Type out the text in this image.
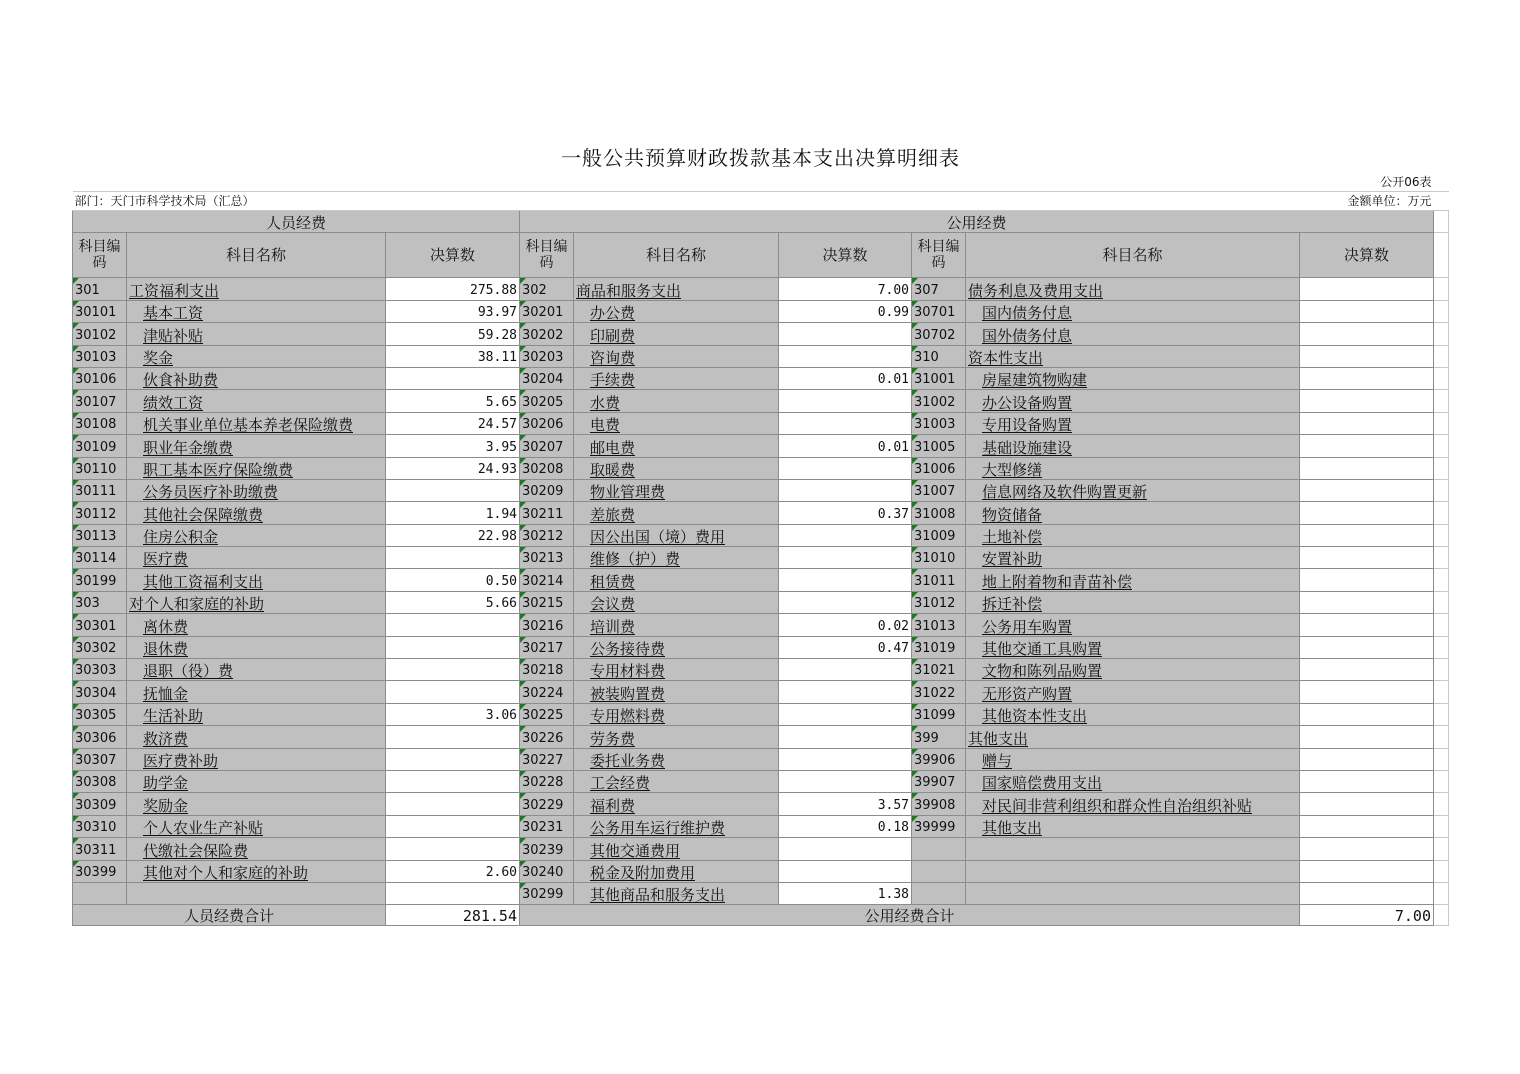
一般公共预算财政拨款基本支出决算明细表									
公开06表									
部门：天门市科学技术局（汇总）					金额单位：万元				
人员经费			公用经费						
科目编码	科目名称	决算数	科目编码	科目名称	决算数	科目编码	科目名称	决算数	
301	工资福利支出	275.88	302	商品和服务支出	7.00	307	债务利息及费用支出		
30101	基本工资	93.97	30201	办公费	0.99	30701	国内债务付息		
30102	津贴补贴	59.28	30202	印刷费		30702	国外债务付息		
30103	奖金	38.11	30203	咨询费		310	资本性支出		
30106	伙食补助费		30204	手续费	0.01	31001	房屋建筑物购建		
30107	绩效工资	5.65	30205	水费		31002	办公设备购置		
30108	机关事业单位基本养老保险缴费	24.57	30206	电费		31003	专用设备购置		
30109	职业年金缴费	3.95	30207	邮电费	0.01	31005	基础设施建设		
30110	职工基本医疗保险缴费	24.93	30208	取暖费		31006	大型修缮		
30111	公务员医疗补助缴费		30209	物业管理费		31007	信息网络及软件购置更新		
30112	其他社会保障缴费	1.94	30211	差旅费	0.37	31008	物资储备		
30113	住房公积金	22.98	30212	因公出国（境）费用		31009	土地补偿		
30114	医疗费		30213	维修（护）费		31010	安置补助		
30199	其他工资福利支出	0.50	30214	租赁费		31011	地上附着物和青苗补偿		
303	对个人和家庭的补助	5.66	30215	会议费		31012	拆迁补偿		
30301	离休费		30216	培训费	0.02	31013	公务用车购置		
30302	退休费		30217	公务接待费	0.47	31019	其他交通工具购置		
30303	退职（役）费		30218	专用材料费		31021	文物和陈列品购置		
30304	抚恤金		30224	被装购置费		31022	无形资产购置		
30305	生活补助	3.06	30225	专用燃料费		31099	其他资本性支出		
30306	救济费		30226	劳务费		399	其他支出		
30307	医疗费补助		30227	委托业务费		39906	赠与		
30308	助学金		30228	工会经费		39907	国家赔偿费用支出		
30309	奖励金		30229	福利费	3.57	39908	对民间非营利组织和群众性自治组织补贴		
30310	个人农业生产补贴		30231	公务用车运行维护费	0.18	39999	其他支出		
30311	代缴社会保险费		30239	其他交通费用					
30399	其他对个人和家庭的补助	2.60	30240	税金及附加费用					
			30299	其他商品和服务支出	1.38				
人员经费合计		281.54	公用经费合计					7.00	
